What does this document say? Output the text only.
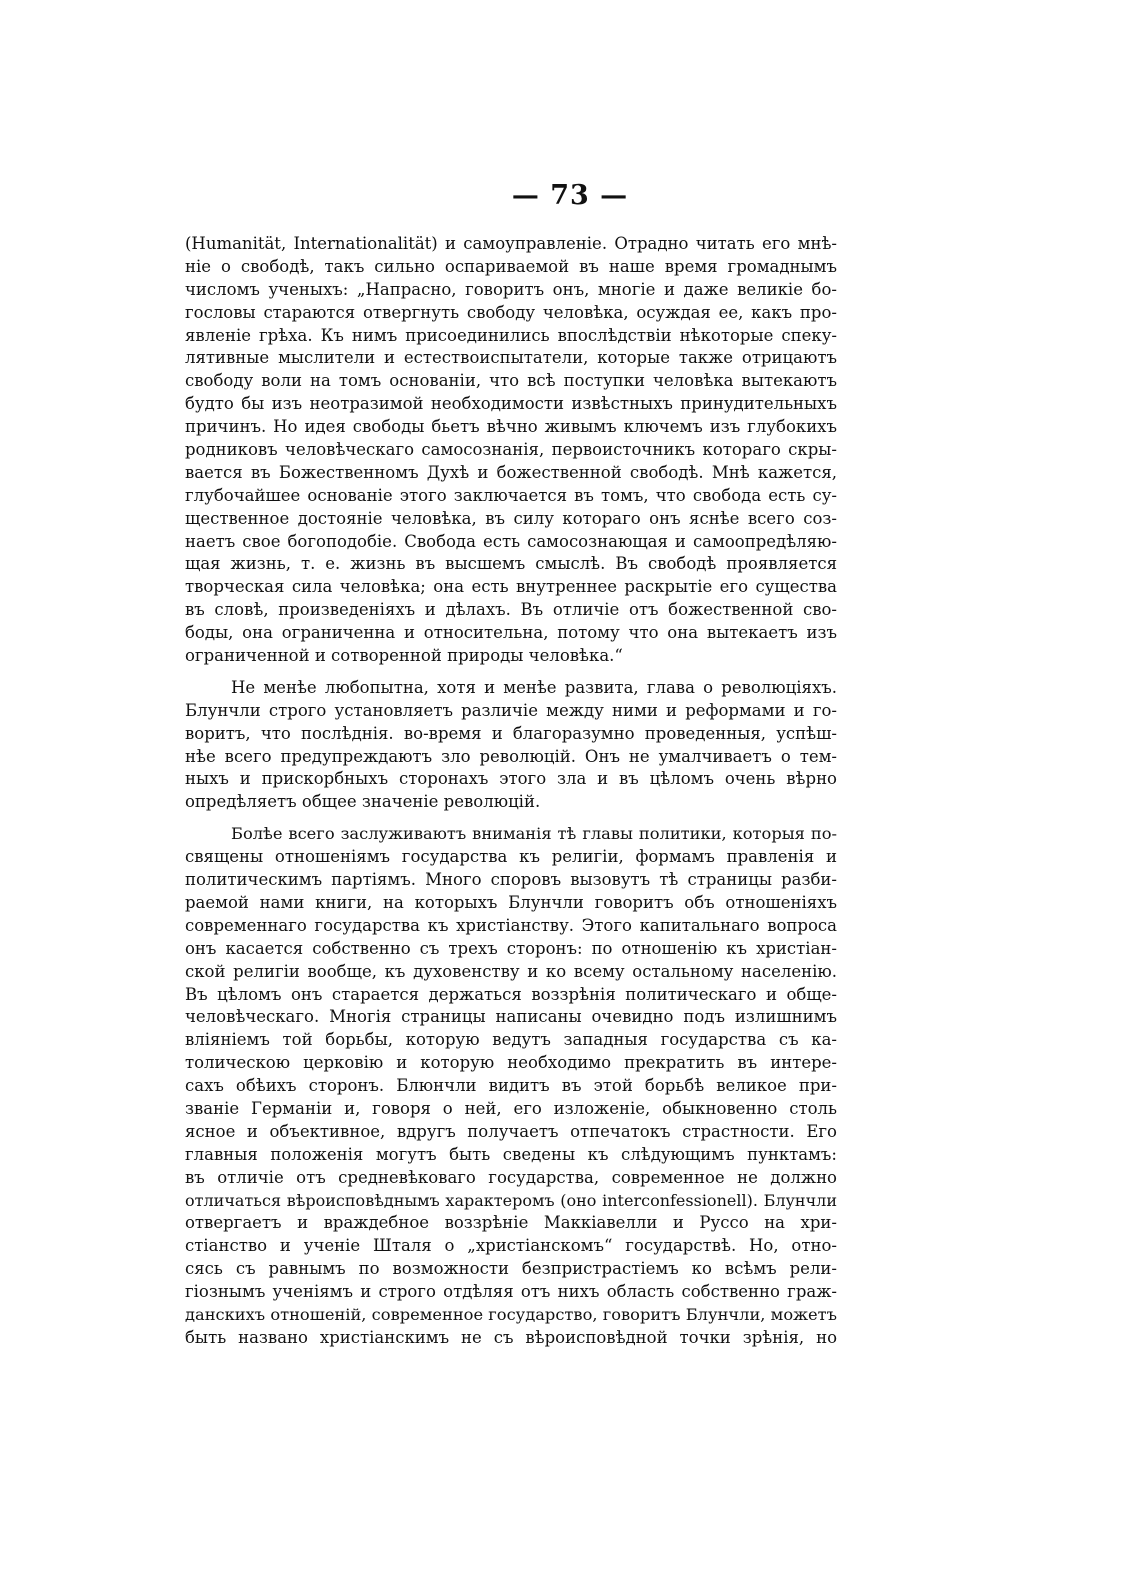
— 73 —
(Humanität, Internationalität) и самоуправленіе. Отрадно читать его мнѣ-
ніе о свободѣ, такъ сильно оспариваемой въ наше время громаднымъ
числомъ ученыхъ: „Напрасно, говоритъ онъ, многіе и даже великіе бо-
гословы стараются отвергнуть свободу человѣка, осуждая ее, какъ про-
явленіе грѣха. Къ нимъ присоединились впослѣдствіи нѣкоторые спеку-
лятивные мыслители и естествоиспытатели, которые также отрицаютъ
свободу воли на томъ основаніи, что всѣ поступки человѣка вытекаютъ
будто бы изъ неотразимой необходимости извѣстныхъ принудительныхъ
причинъ. Но идея свободы бьетъ вѣчно живымъ ключемъ изъ глубокихъ
родниковъ человѣческаго самосознанія, первоисточникъ котораго скры-
вается въ Божественномъ Духѣ и божественной свободѣ. Мнѣ кажется,
глубочайшее основаніе этого заключается въ томъ, что свобода есть су-
щественное достояніе человѣка, въ силу котораго онъ яснѣе всего соз-
наетъ свое богоподобіе. Свобода есть самосознающая и самоопредѣляю-
щая жизнь, т. е. жизнь въ высшемъ смыслѣ. Въ свободѣ проявляется
творческая сила человѣка; она есть внутреннее раскрытіе его существа
въ словѣ, произведеніяхъ и дѣлахъ. Въ отличіе отъ божественной сво-
боды, она ограниченна и относительна, потому что она вытекаетъ изъ
ограниченной и сотворенной природы человѣка.“
Не менѣе любопытна, хотя и менѣе развита, глава о революціяхъ.
Блунчли строго установляетъ различіе между ними и реформами и го-
воритъ, что послѣднія. во-время и благоразумно проведенныя, успѣш-
нѣе всего предупреждаютъ зло революцій. Онъ не умалчиваетъ о тем-
ныхъ и прискорбныхъ сторонахъ этого зла и въ цѣломъ очень вѣрно
опредѣляетъ общее значеніе революцій.
Болѣе всего заслуживаютъ вниманія тѣ главы политики, которыя по-
священы отношеніямъ государства къ религіи, формамъ правленія и
политическимъ партіямъ. Много споровъ вызовутъ тѣ страницы разби-
раемой нами книги, на которыхъ Блунчли говоритъ объ отношеніяхъ
современнаго государства къ христіанству. Этого капитальнаго вопроса
онъ касается собственно съ трехъ сторонъ: по отношенію къ христіан-
ской религіи вообще, къ духовенству и ко всему остальному населенію.
Въ цѣломъ онъ старается держаться воззрѣнія политическаго и обще-
человѣческаго. Многія страницы написаны очевидно подъ излишнимъ
вліяніемъ той борьбы, которую ведутъ западныя государства съ ка-
толическою церковію и которую необходимо прекратить въ интере-
сахъ обѣихъ сторонъ. Блюнчли видитъ въ этой борьбѣ великое при-
званіе Германіи и, говоря о ней, его изложеніе, обыкновенно столь
ясное и объективное, вдругъ получаетъ отпечатокъ страстности. Его
главныя положенія могутъ быть сведены къ слѣдующимъ пунктамъ:
въ отличіе отъ средневѣковаго государства, современное не должно
отличаться вѣроисповѣднымъ характеромъ (оно interconfessionell). Блунчли
отвергаетъ и враждебное воззрѣніе Маккіавелли и Руссо на хри-
стіанство и ученіе Шталя о „христіанскомъ“ государствѣ. Но, отно-
сясь съ равнымъ по возможности безпристрастіемъ ко всѣмъ рели-
гіознымъ ученіямъ и строго отдѣляя отъ нихъ область собственно граж-
данскихъ отношеній, современное государство, говоритъ Блунчли, можетъ
быть названо христіанскимъ не съ вѣроисповѣдной точки зрѣнія, но
